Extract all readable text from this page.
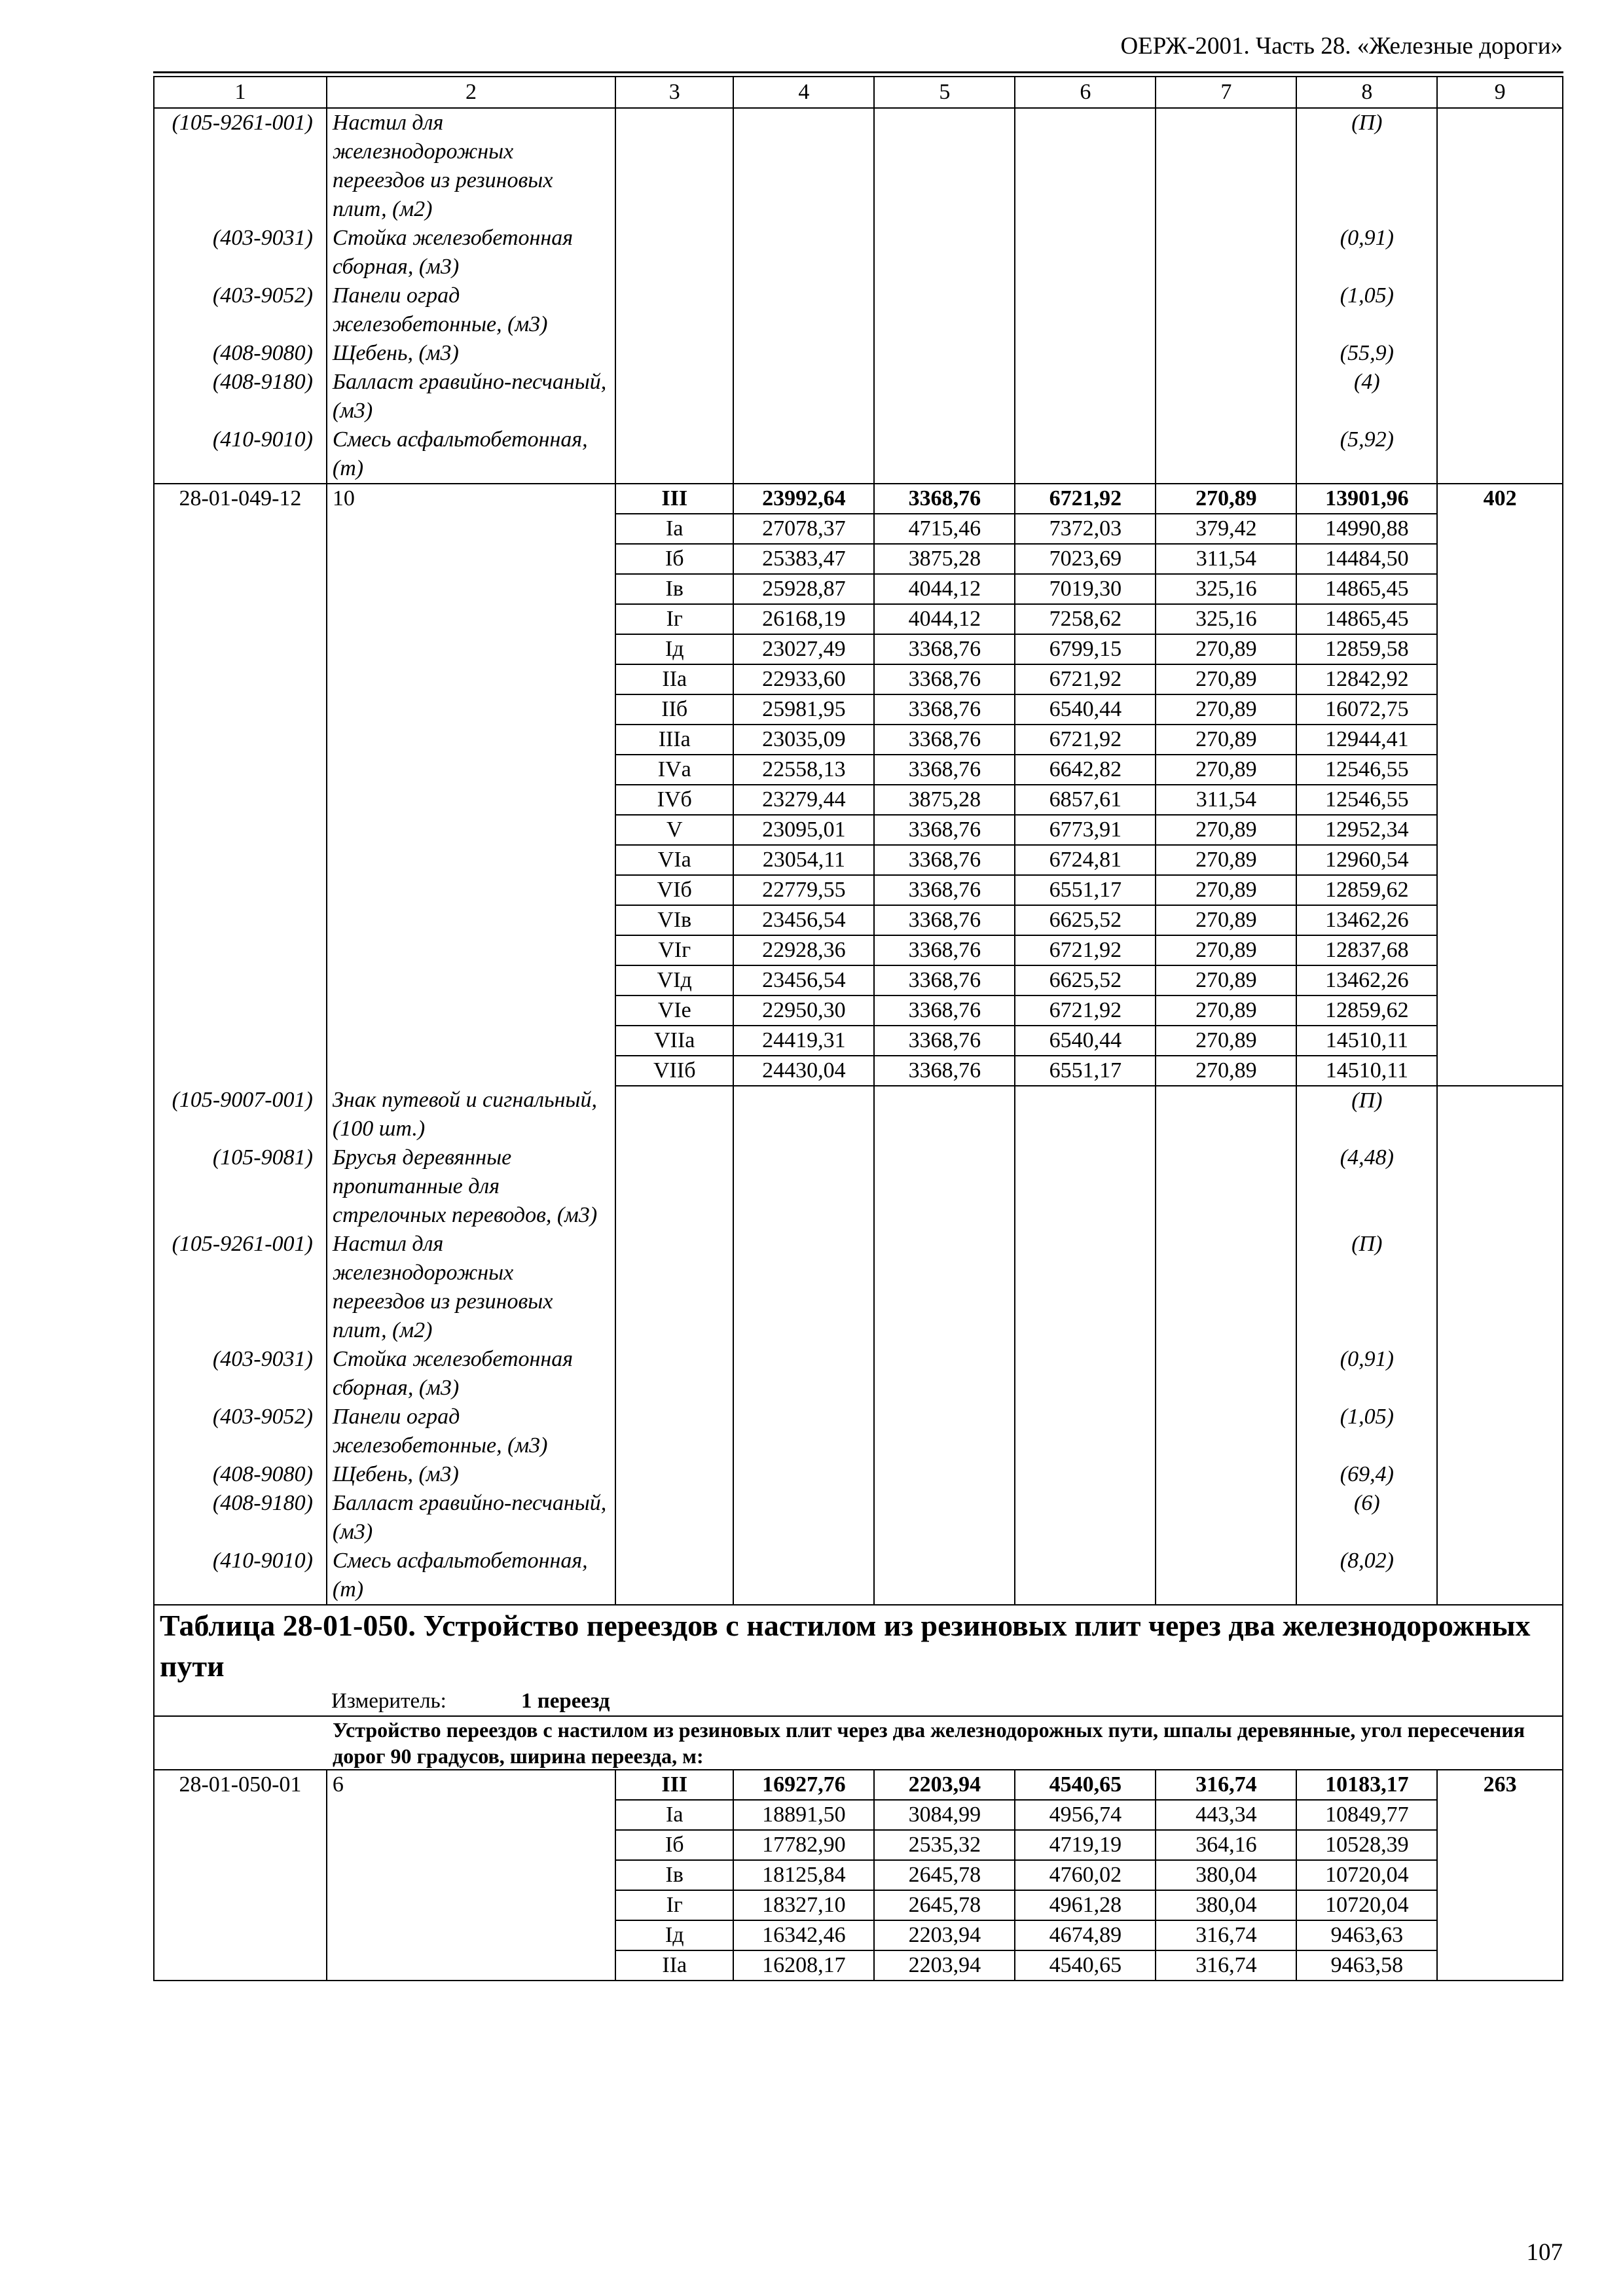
ОЕРЖ-2001. Часть 28. «Железные дороги»
1	2	3	4	5	6	7	8	9
(105-9261-001)	Настил для железнодорожных переездов из резиновых плит, (м2)						(П)	
(403-9031)	Стойка железобетонная сборная, (м3)						(0,91)	
(403-9052)	Панели оград железобетонные, (м3)						(1,05)	
(408-9080)	Щебень, (м3)						(55,9)	
(408-9180)	Балласт гравийно-песчаный, (м3)						(4)	
(410-9010)	Смесь асфальтобетонная, (т)						(5,92)	
28-01-049-12	10	III	23992,64	3368,76	6721,92	270,89	13901,96	402
		Iа	27078,37	4715,46	7372,03	379,42	14990,88	
		Iб	25383,47	3875,28	7023,69	311,54	14484,50	
		Iв	25928,87	4044,12	7019,30	325,16	14865,45	
		Iг	26168,19	4044,12	7258,62	325,16	14865,45	
		Iд	23027,49	3368,76	6799,15	270,89	12859,58	
		IIа	22933,60	3368,76	6721,92	270,89	12842,92	
		IIб	25981,95	3368,76	6540,44	270,89	16072,75	
		IIIа	23035,09	3368,76	6721,92	270,89	12944,41	
		IVа	22558,13	3368,76	6642,82	270,89	12546,55	
		IVб	23279,44	3875,28	6857,61	311,54	12546,55	
		V	23095,01	3368,76	6773,91	270,89	12952,34	
		VIа	23054,11	3368,76	6724,81	270,89	12960,54	
		VIб	22779,55	3368,76	6551,17	270,89	12859,62	
		VIв	23456,54	3368,76	6625,52	270,89	13462,26	
		VIг	22928,36	3368,76	6721,92	270,89	12837,68	
		VIд	23456,54	3368,76	6625,52	270,89	13462,26	
		VIе	22950,30	3368,76	6721,92	270,89	12859,62	
		VIIа	24419,31	3368,76	6540,44	270,89	14510,11	
		VIIб	24430,04	3368,76	6551,17	270,89	14510,11	
(105-9007-001)	Знак путевой и сигнальный, (100 шт.)						(П)	
(105-9081)	Брусья деревянные пропитанные для стрелочных переводов, (м3)						(4,48)	
(105-9261-001)	Настил для железнодорожных переездов из резиновых плит, (м2)						(П)	
(403-9031)	Стойка железобетонная сборная, (м3)						(0,91)	
(403-9052)	Панели оград железобетонные, (м3)						(1,05)	
(408-9080)	Щебень, (м3)						(69,4)	
(408-9180)	Балласт гравийно-песчаный, (м3)						(6)	
(410-9010)	Смесь асфальтобетонная, (т)						(8,02)	

Таблица 28-01-050. Устройство переездов с настилом из резиновых плит через два железнодорожных пути
Измеритель: 1 переезд								

Устройство переездов с настилом из резиновых плит через два железнодорожных пути, шпалы деревянные, угол пересечения дорог 90 градусов, ширина переезда, м:								

28-01-050-01	6	III	16927,76	2203,94	4540,65	316,74	10183,17	263
		Iа	18891,50	3084,99	4956,74	443,34	10849,77	
		Iб	17782,90	2535,32	4719,19	364,16	10528,39	
		Iв	18125,84	2645,78	4760,02	380,04	10720,04	
		Iг	18327,10	2645,78	4961,28	380,04	10720,04	
		Iд	16342,46	2203,94	4674,89	316,74	9463,63	
		IIа	16208,17	2203,94	4540,65	316,74	9463,58	
107
